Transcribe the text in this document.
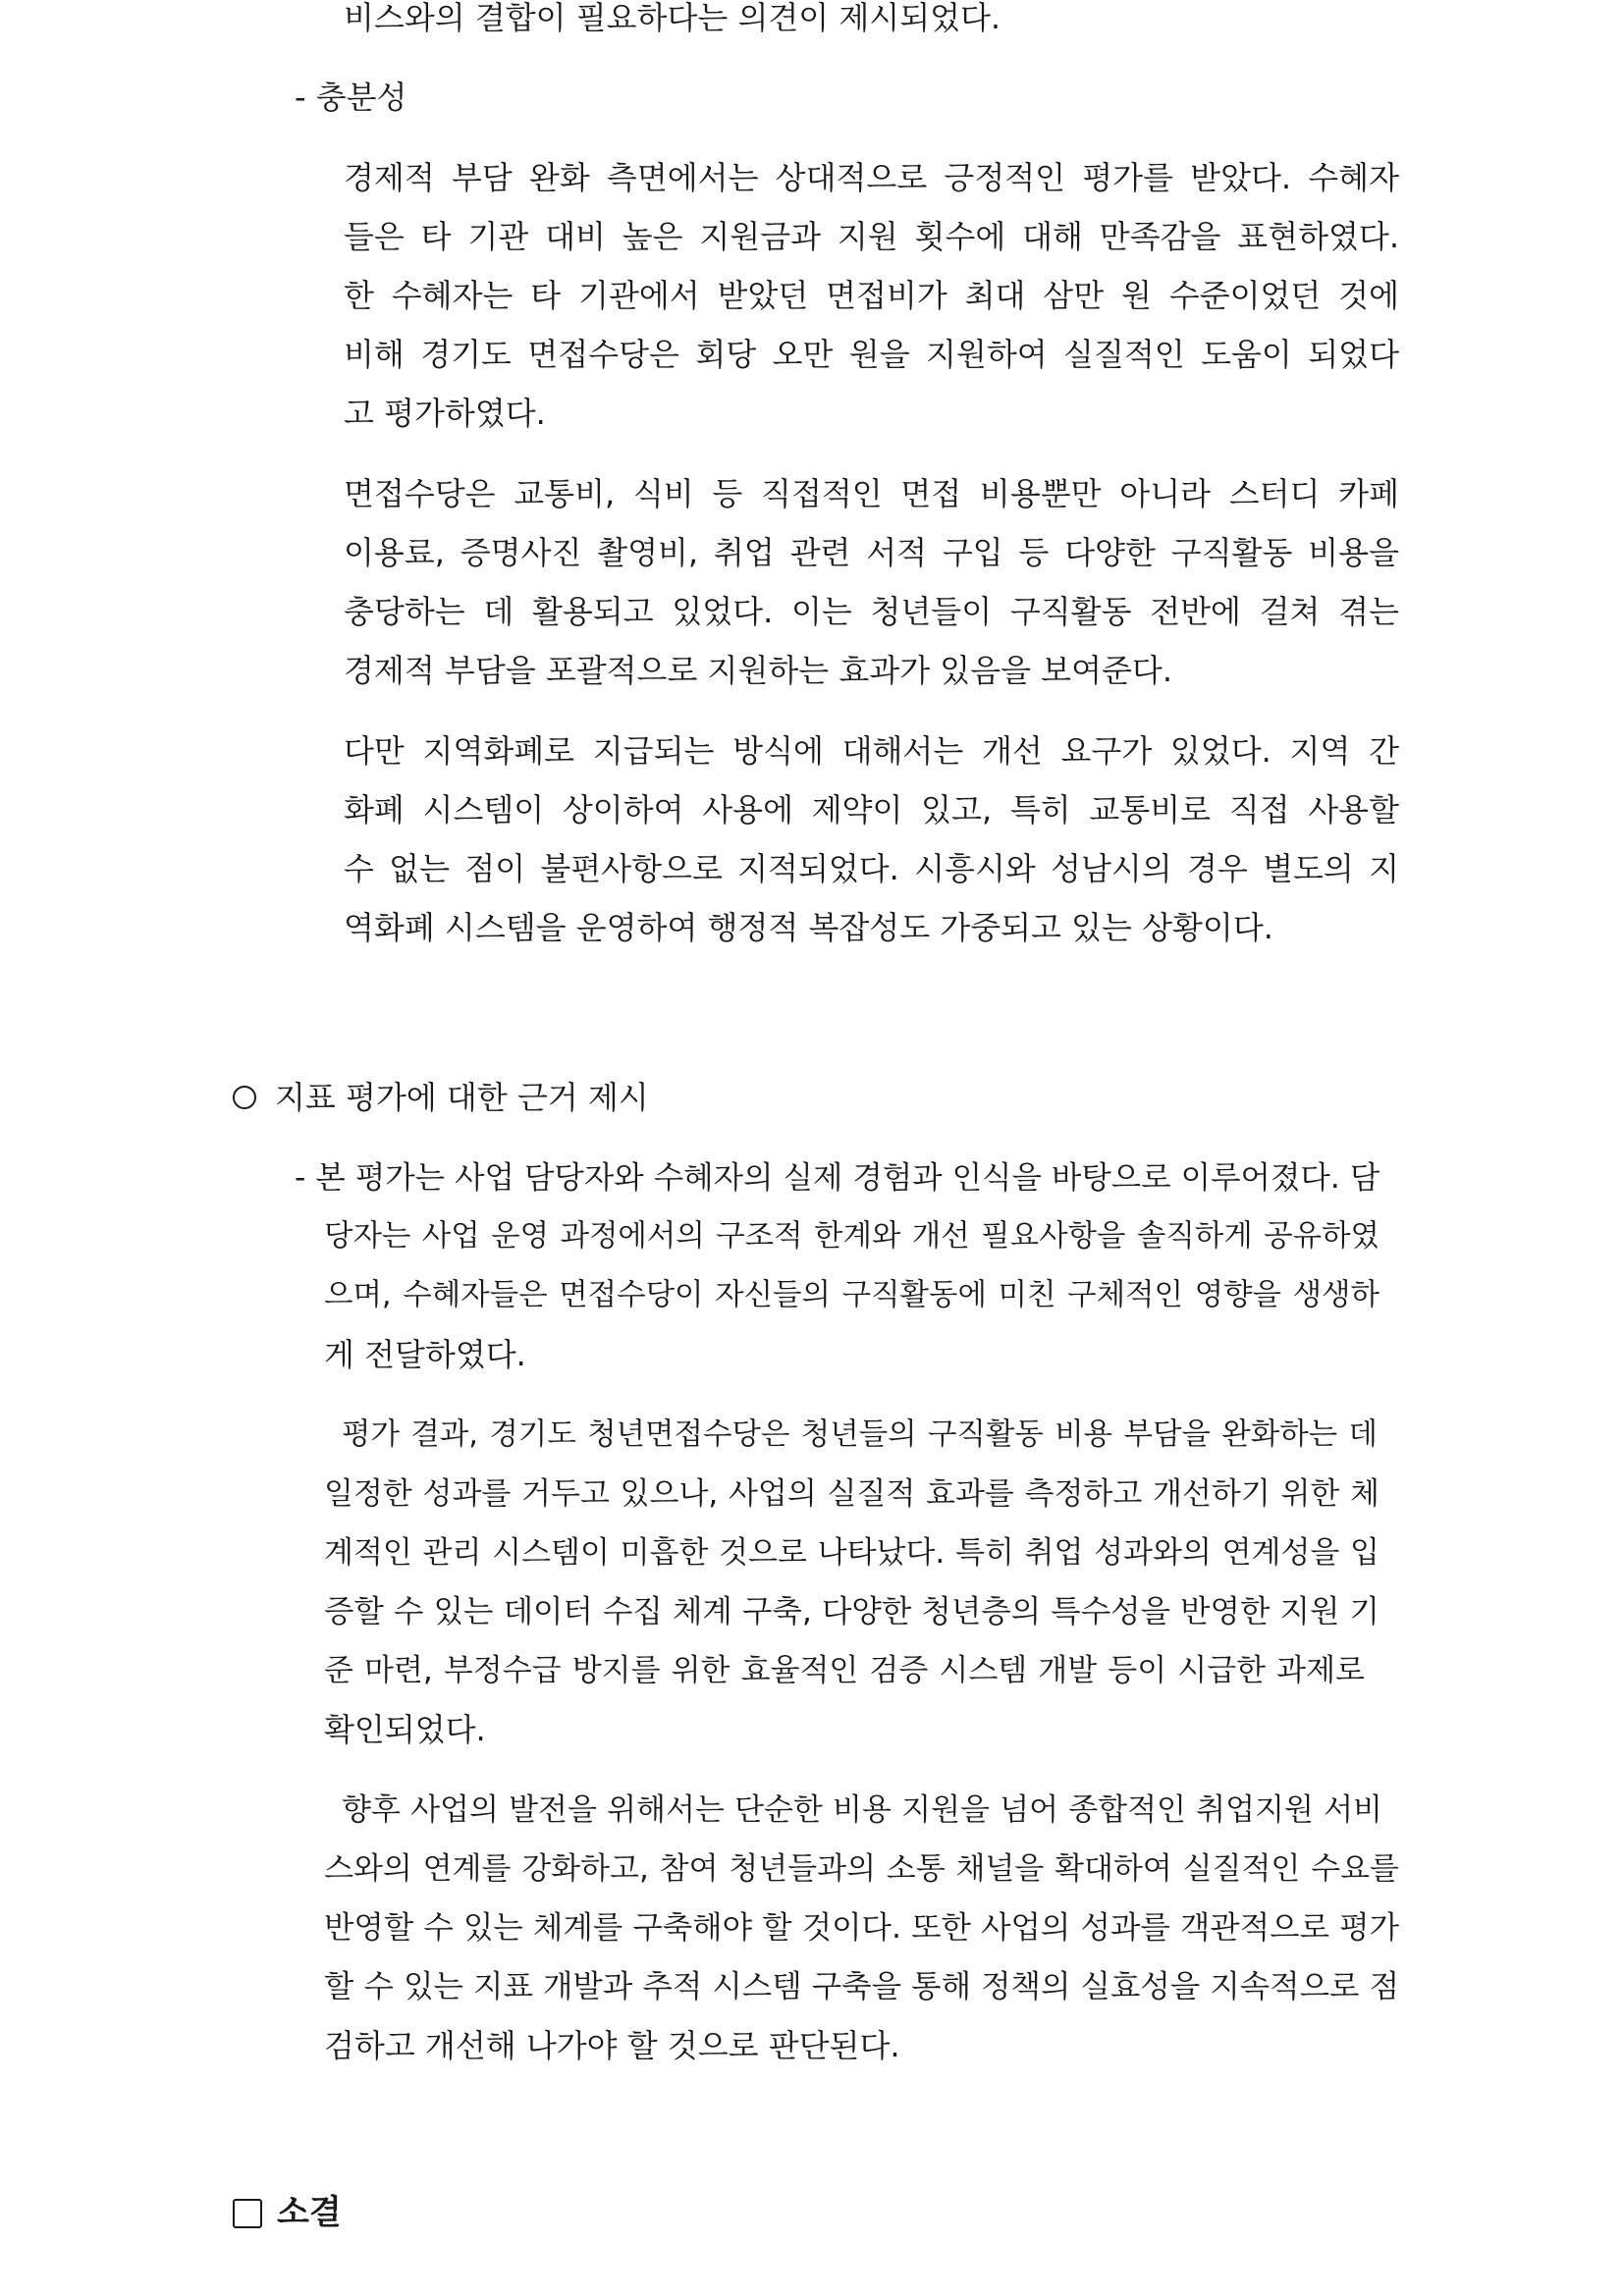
비스와의 결합이 필요하다는 의견이 제시되었다.
- 충분성
경제적 부담 완화 측면에서는 상대적으로 긍정적인 평가를 받았다. 수혜자
들은 타 기관 대비 높은 지원금과 지원 횟수에 대해 만족감을 표현하였다.
한 수혜자는 타 기관에서 받았던 면접비가 최대 삼만 원 수준이었던 것에
비해 경기도 면접수당은 회당 오만 원을 지원하여 실질적인 도움이 되었다
고 평가하였다.
면접수당은 교통비, 식비 등 직접적인 면접 비용뿐만 아니라 스터디 카페
이용료, 증명사진 촬영비, 취업 관련 서적 구입 등 다양한 구직활동 비용을
충당하는 데 활용되고 있었다. 이는 청년들이 구직활동 전반에 걸쳐 겪는
경제적 부담을 포괄적으로 지원하는 효과가 있음을 보여준다.
다만 지역화폐로 지급되는 방식에 대해서는 개선 요구가 있었다. 지역 간
화폐 시스템이 상이하여 사용에 제약이 있고, 특히 교통비로 직접 사용할
수 없는 점이 불편사항으로 지적되었다. 시흥시와 성남시의 경우 별도의 지
역화폐 시스템을 운영하여 행정적 복잡성도 가중되고 있는 상황이다.
지표 평가에 대한 근거 제시
- 본 평가는 사업 담당자와 수혜자의 실제 경험과 인식을 바탕으로 이루어졌다. 담
당자는 사업 운영 과정에서의 구조적 한계와 개선 필요사항을 솔직하게 공유하였
으며, 수혜자들은 면접수당이 자신들의 구직활동에 미친 구체적인 영향을 생생하
게 전달하였다.
평가 결과, 경기도 청년면접수당은 청년들의 구직활동 비용 부담을 완화하는 데
일정한 성과를 거두고 있으나, 사업의 실질적 효과를 측정하고 개선하기 위한 체
계적인 관리 시스템이 미흡한 것으로 나타났다. 특히 취업 성과와의 연계성을 입
증할 수 있는 데이터 수집 체계 구축, 다양한 청년층의 특수성을 반영한 지원 기
준 마련, 부정수급 방지를 위한 효율적인 검증 시스템 개발 등이 시급한 과제로
확인되었다.
향후 사업의 발전을 위해서는 단순한 비용 지원을 넘어 종합적인 취업지원 서비
스와의 연계를 강화하고, 참여 청년들과의 소통 채널을 확대하여 실질적인 수요를
반영할 수 있는 체계를 구축해야 할 것이다. 또한 사업의 성과를 객관적으로 평가
할 수 있는 지표 개발과 추적 시스템 구축을 통해 정책의 실효성을 지속적으로 점
검하고 개선해 나가야 할 것으로 판단된다.
소결
